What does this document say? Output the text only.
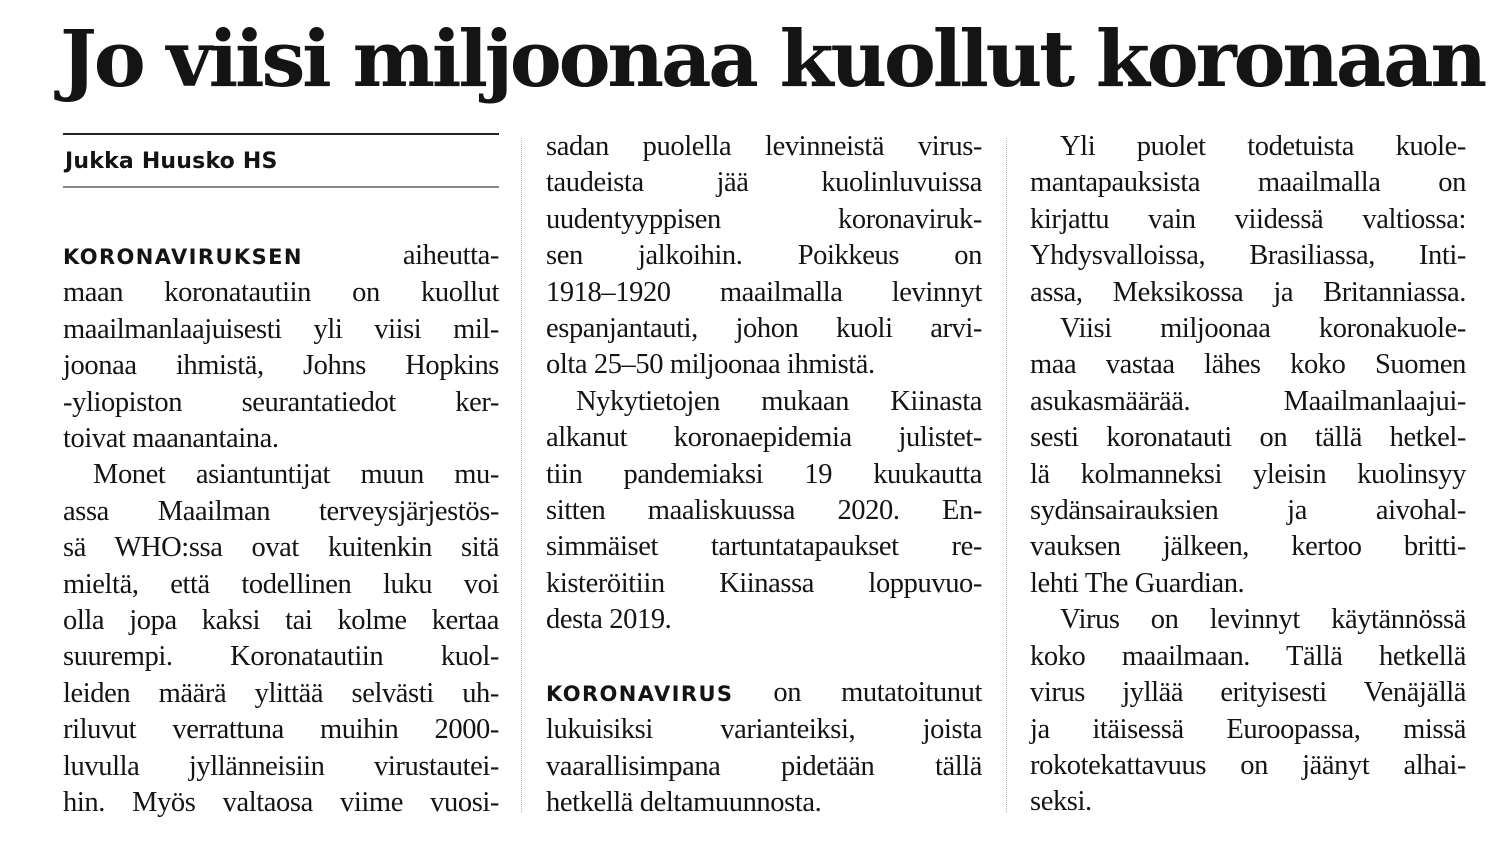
Jo viisi miljoonaa kuollut koronaan
Jukka Huusko HS

KORONAVIRUKSEN	aiheutta-

maan koronatautiin on kuollut

maailmanlaajuisesti yli viisi mil-

joonaa ihmistä, Johns Hopkins

-yliopiston seurantatiedot ker-

toivat maanantaina.

Monet asiantuntijat muun mu-

assa Maailman terveysjärjestös-

sä WHO:ssa ovat kuitenkin sitä

mieltä, että todellinen luku voi

olla jopa kaksi tai kolme kertaa

suurempi. Koronatautiin kuol-

leiden määrä ylittää selvästi uh-

riluvut verrattuna muihin 2000-

luvulla jyllänneisiin virustautei-

hin. Myös valtaosa viime vuosi-

sadan puolella levinneistä virus-

taudeista jää kuolinluvuissa

uudentyyppisen koronaviruk-

sen jalkoihin. Poikkeus on

1918–1920 maailmalla levinnyt

espanjantauti, johon kuoli arvi-

olta 25–50 miljoonaa ihmistä.

Nykytietojen mukaan Kiinasta

alkanut koronaepidemia julistet-

tiin pandemiaksi 19 kuukautta

sitten maaliskuussa 2020. En-

simmäiset tartuntatapaukset re-

kisteröitiin Kiinassa loppuvuo-

desta 2019.

KORONAVIRUS on mutatoitunut

lukuisiksi varianteiksi, joista

vaarallisimpana pidetään tällä

hetkellä deltamuunnosta.

Yli puolet todetuista kuole-

mantapauksista maailmalla on

kirjattu vain viidessä valtiossa:

Yhdysvalloissa, Brasiliassa, Inti-

assa, Meksikossa ja Britanniassa.

Viisi miljoonaa koronakuole-

maa vastaa lähes koko Suomen

asukasmäärää. Maailmanlaajui-

sesti koronatauti on tällä hetkel-

lä kolmanneksi yleisin kuolinsyy

sydänsairauksien ja aivohal-

vauksen jälkeen, kertoo britti-

lehti The Guardian.

Virus on levinnyt käytännössä

koko maailmaan. Tällä hetkellä

virus jyllää erityisesti Venäjällä

ja itäisessä Euroopassa, missä

rokotekattavuus on jäänyt alhai-

seksi.
